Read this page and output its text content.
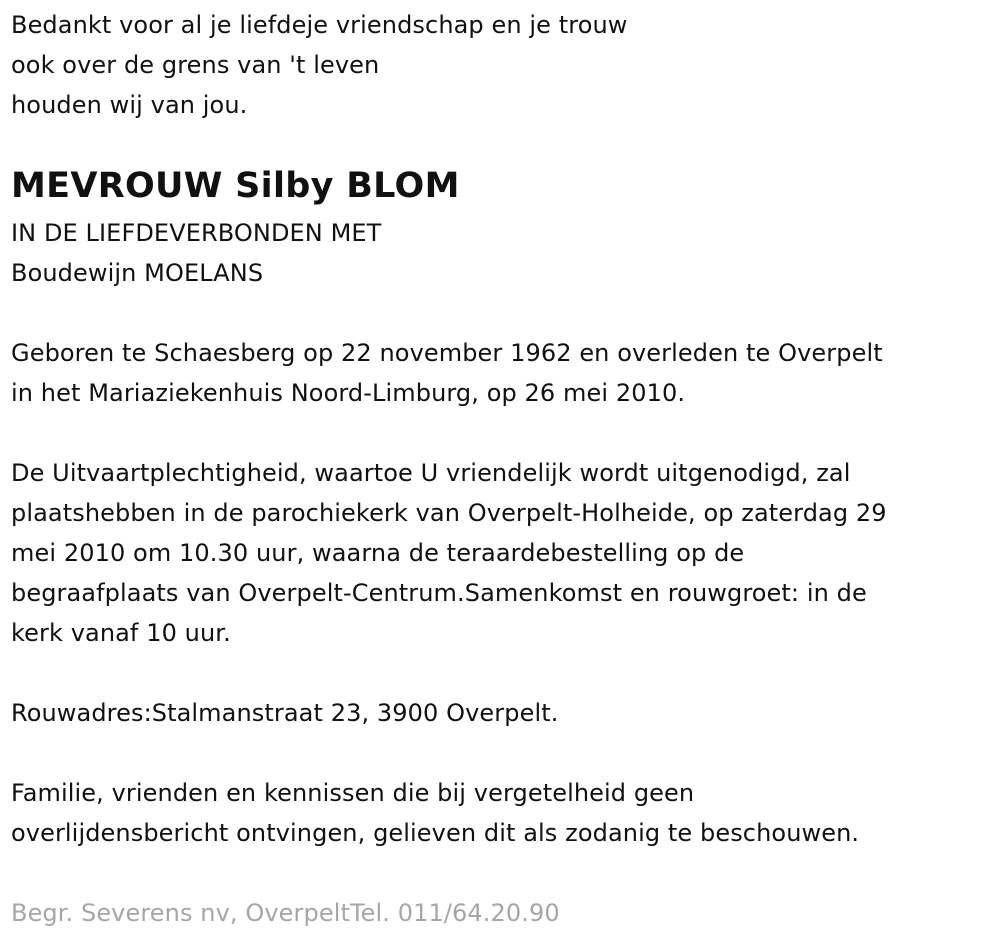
Bedankt voor al je liefdeje vriendschap en je trouw
ook over de grens van 't leven
houden wij van jou.
MEVROUW Silby BLOM
IN DE LIEFDEVERBONDEN MET
Boudewijn MOELANS
Geboren te Schaesberg op 22 november 1962 en overleden te Overpelt
in het Mariaziekenhuis Noord-Limburg, op 26 mei 2010.
De Uitvaartplechtigheid, waartoe U vriendelijk wordt uitgenodigd, zal
plaatshebben in de parochiekerk van Overpelt-Holheide, op zaterdag 29
mei 2010 om 10.30 uur, waarna de teraardebestelling op de
begraafplaats van Overpelt-Centrum.Samenkomst en rouwgroet: in de
kerk vanaf 10 uur.
Rouwadres:Stalmanstraat 23, 3900 Overpelt.
Familie, vrienden en kennissen die bij vergetelheid geen
overlijdensbericht ontvingen, gelieven dit als zodanig te beschouwen.
Begr. Severens nv, OverpeltTel. 011/64.20.90
